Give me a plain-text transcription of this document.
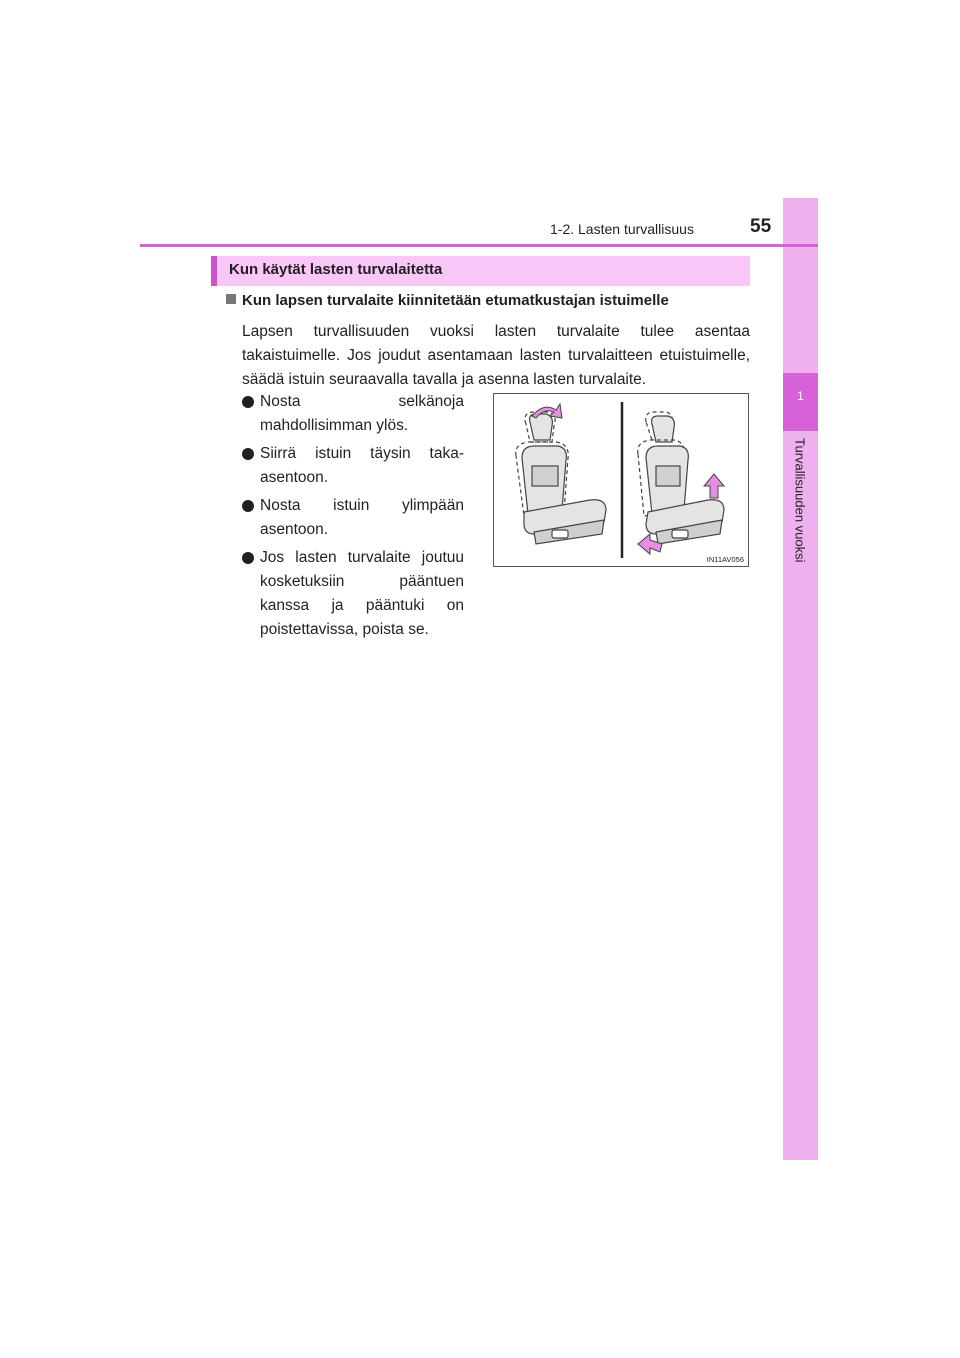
1
Turvallisuuden vuoksi
1-2. Lasten turvallisuus	55
Kun käytät lasten turvalaitetta
Kun lapsen turvalaite kiinnitetään etumatkustajan istuimelle
Lapsen turvallisuuden vuoksi lasten turvalaite tulee asentaa takaistuimelle. Jos joudut asentamaan lasten turvalaitteen etuistuimelle, säädä istuin seuraavalla tavalla ja asenna lasten turvalaite.
Nosta selkänoja mahdollisimman ylös.
Siirrä istuin täysin taka-asentoon.
Nosta istuin ylimpään asentoon.
Jos lasten turvalaite joutuu kosketuksiin pääntuen kanssa ja pääntuki on poistettavissa, poista se.
IN11AV056
